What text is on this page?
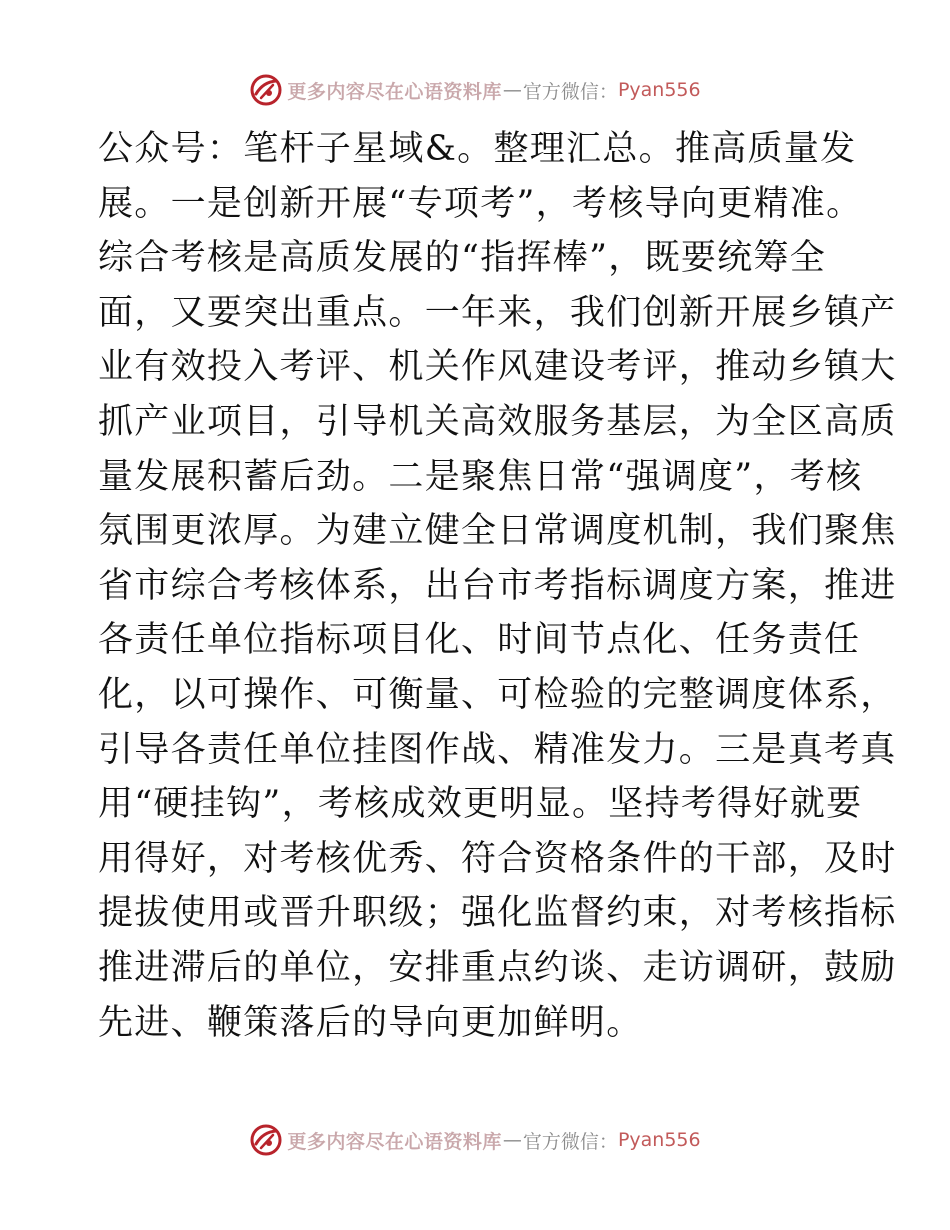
更多内容尽在心语资料库 — 官方微信： Pyan556
公众号：笔杆子星域&。整理汇总。推高质量发
展。一是创新开展“专项考”，考核导向更精准。
综合考核是高质发展的“指挥棒”，既要统筹全
面，又要突出重点。一年来，我们创新开展乡镇产
业有效投入考评、机关作风建设考评，推动乡镇大
抓产业项目，引导机关高效服务基层，为全区高质
量发展积蓄后劲。二是聚焦日常“强调度”，考核
氛围更浓厚。为建立健全日常调度机制，我们聚焦
省市综合考核体系，出台市考指标调度方案，推进
各责任单位指标项目化、时间节点化、任务责任
化，以可操作、可衡量、可检验的完整调度体系，
引导各责任单位挂图作战、精准发力。三是真考真
用“硬挂钩”，考核成效更明显。坚持考得好就要
用得好，对考核优秀、符合资格条件的干部，及时
提拔使用或晋升职级；强化监督约束，对考核指标
推进滞后的单位，安排重点约谈、走访调研，鼓励
先进、鞭策落后的导向更加鲜明。
更多内容尽在心语资料库 — 官方微信： Pyan556
